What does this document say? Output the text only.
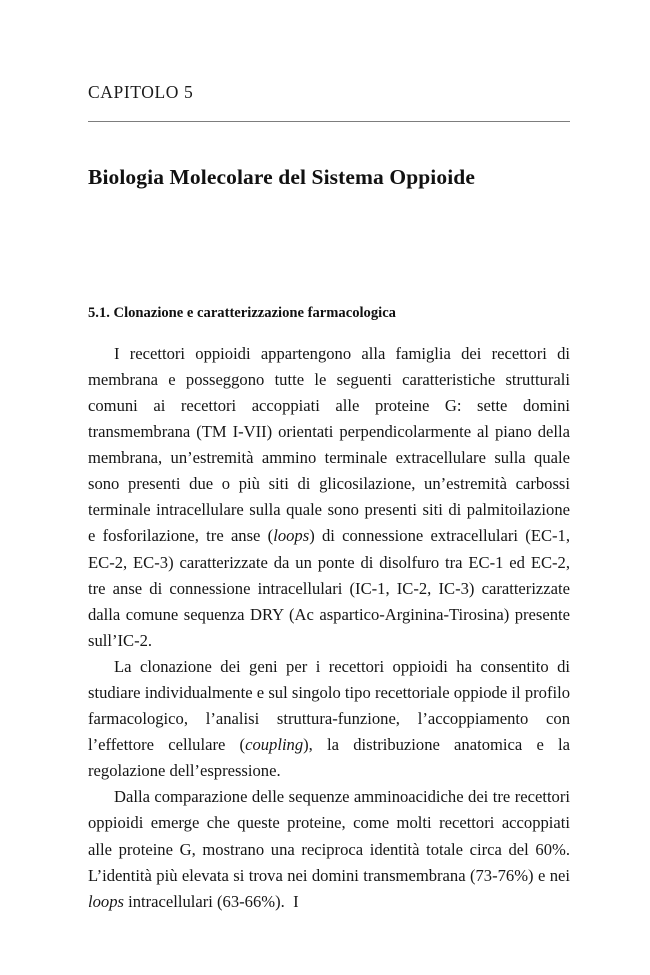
CAPITOLO 5
Biologia Molecolare del Sistema Oppioide
5.1. Clonazione e caratterizzazione farmacologica

I recettori oppioidi appartengono alla famiglia dei recettori di membrana e posseggono tutte le seguenti caratteristiche strutturali comuni ai recettori accoppiati alle proteine G: sette domini transmembrana (TM I-VII) orientati perpendicolarmente al piano della membrana, un’estremità ammino terminale extracellulare sulla quale sono presenti due o più siti di glicosilazione, un’estremità carbossi terminale intracellulare sulla quale sono presenti siti di palmitoilazione e fosforilazione, tre anse (loops) di connessione extracellulari (EC-1, EC-2, EC-3) caratterizzate da un ponte di disolfuro tra EC-1 ed EC-2, tre anse di connessione intracellulari (IC-1, IC-2, IC-3) caratterizzate dalla comune sequenza DRY (Ac aspartico-Arginina-Tirosina) presente sull’IC-2.

La clonazione dei geni per i recettori oppioidi ha consentito di studiare individualmente e sul singolo tipo recettoriale oppiode il profilo farmacologico, l’analisi struttura-funzione, l’accoppiamento con l’effettore cellulare (coupling), la distribuzione anatomica e la regolazione dell’espressione.

Dalla comparazione delle sequenze amminoacidiche dei tre recettori oppioidi emerge che queste proteine, come molti recettori accoppiati alle proteine G, mostrano una reciproca identità totale circa del 60%. L’identità più elevata si trova nei domini transmembrana (73-76%) e nei loops intracellulari (63-66%).  I
